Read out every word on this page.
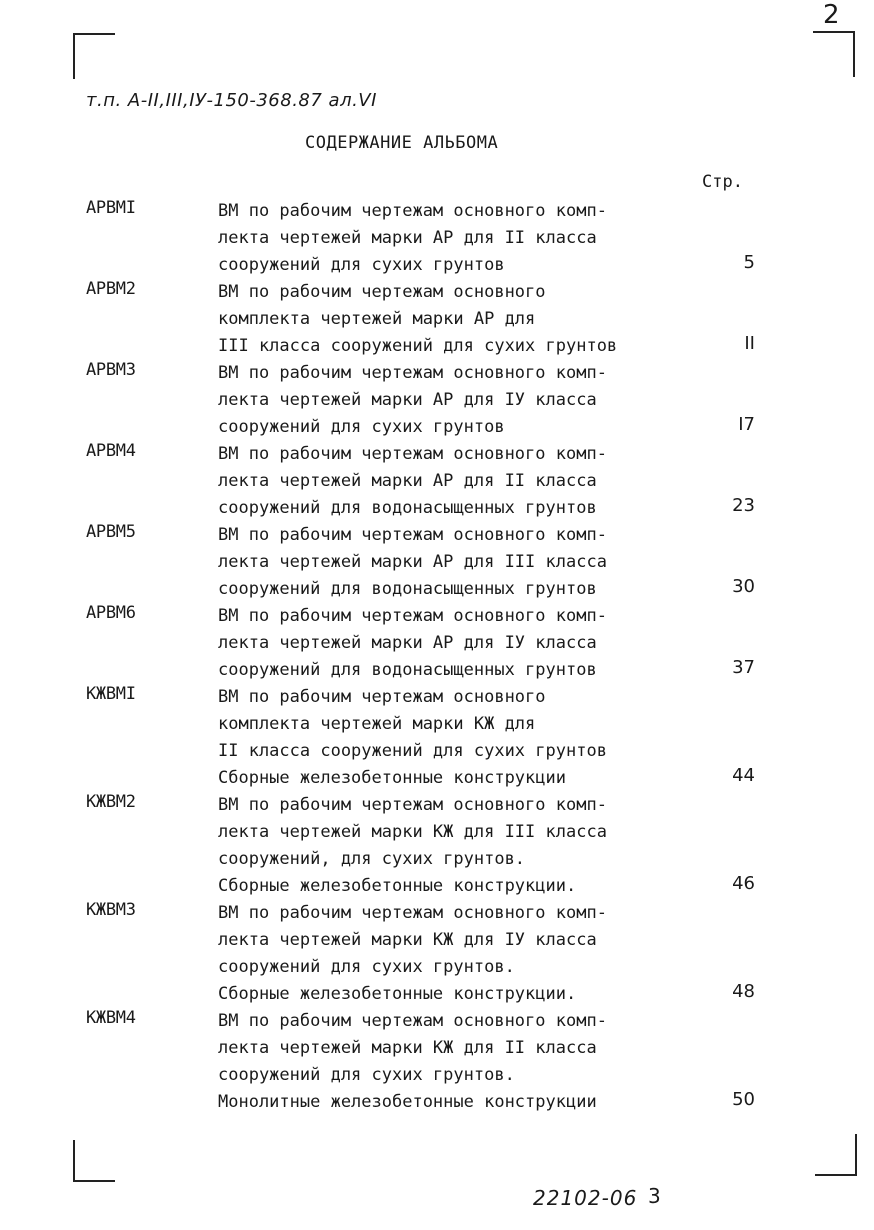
2
т.п. А-II,III,IУ-150-368.87 ал.VI
СОДЕРЖАНИЕ АЛЬБОМА
Стр.
АРВМI	ВМ по рабочим чертежам основного комп-
лекта чертежей марки АР для II класса
сооружений для сухих грунтов	5
АРВМ2	ВМ по рабочим чертежам основного
комплекта чертежей марки АР для
III класса сооружений для сухих грунтов	II
АРВМ3	ВМ по рабочим чертежам основного комп-
лекта чертежей марки АР для IУ класса
сооружений для сухих грунтов	I7
АРВМ4	ВМ по рабочим чертежам основного комп-
лекта чертежей марки АР для II класса
сооружений для водонасыщенных грунтов	23
АРВМ5	ВМ по рабочим чертежам основного комп-
лекта чертежей марки АР для III класса
сооружений для водонасыщенных грунтов	30
АРВМ6	ВМ по рабочим чертежам основного комп-
лекта чертежей марки АР для IУ класса
сооружений для водонасыщенных грунтов	37
КЖВМI	ВМ по рабочим чертежам основного
комплекта чертежей марки КЖ для
II класса сооружений для сухих грунтов
Сборные железобетонные конструкции	44
КЖВМ2	ВМ по рабочим чертежам основного комп-
лекта чертежей марки КЖ для III класса
сооружений, для сухих грунтов.
Сборные железобетонные конструкции.	46
КЖВМ3	ВМ по рабочим чертежам основного комп-
лекта чертежей марки КЖ для IУ класса
сооружений для сухих грунтов.
Сборные железобетонные конструкции.	48
КЖВМ4	ВМ по рабочим чертежам основного комп-
лекта чертежей марки КЖ для II класса
сооружений для сухих грунтов.
Монолитные железобетонные конструкции	50
22102-06 3
